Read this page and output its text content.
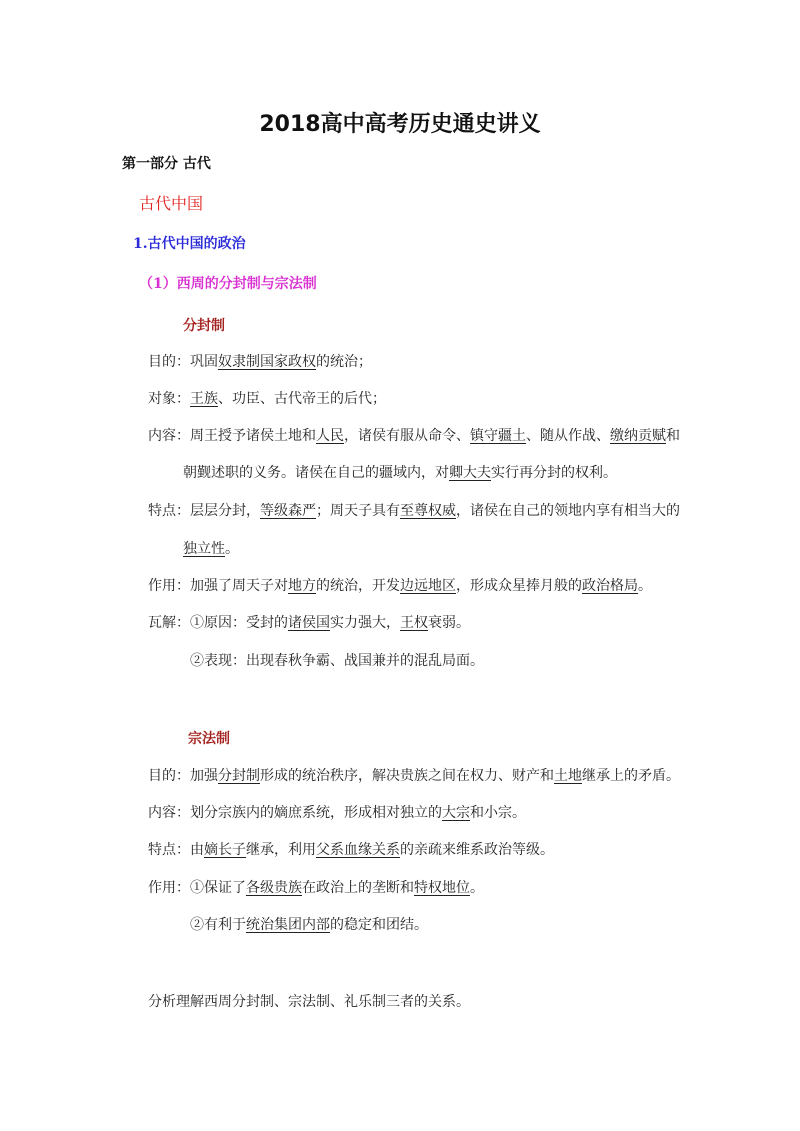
2018高中高考历史通史讲义
第一部分 古代
古代中国
1.古代中国的政治
（1）西周的分封制与宗法制
分封制
目的：巩固奴隶制国家政权的统治；
对象：王族、功臣、古代帝王的后代；
内容：周王授予诸侯土地和人民，诸侯有服从命令、镇守疆土、随从作战、缴纳贡赋和
朝觐述职的义务。诸侯在自己的疆域内，对卿大夫实行再分封的权利。
特点：层层分封，等级森严；周天子具有至尊权威，诸侯在自己的领地内享有相当大的
独立性。
作用：加强了周天子对地方的统治，开发边远地区，形成众星捧月般的政治格局。
瓦解：①原因：受封的诸侯国实力强大，王权衰弱。
②表现：出现春秋争霸、战国兼并的混乱局面。
宗法制
目的：加强分封制形成的统治秩序，解决贵族之间在权力、财产和土地继承上的矛盾。
内容：划分宗族内的嫡庶系统，形成相对独立的大宗和小宗。
特点：由嫡长子继承，利用父系血缘关系的亲疏来维系政治等级。
作用：①保证了各级贵族在政治上的垄断和特权地位。
②有利于统治集团内部的稳定和团结。
分析理解西周分封制、宗法制、礼乐制三者的关系。
